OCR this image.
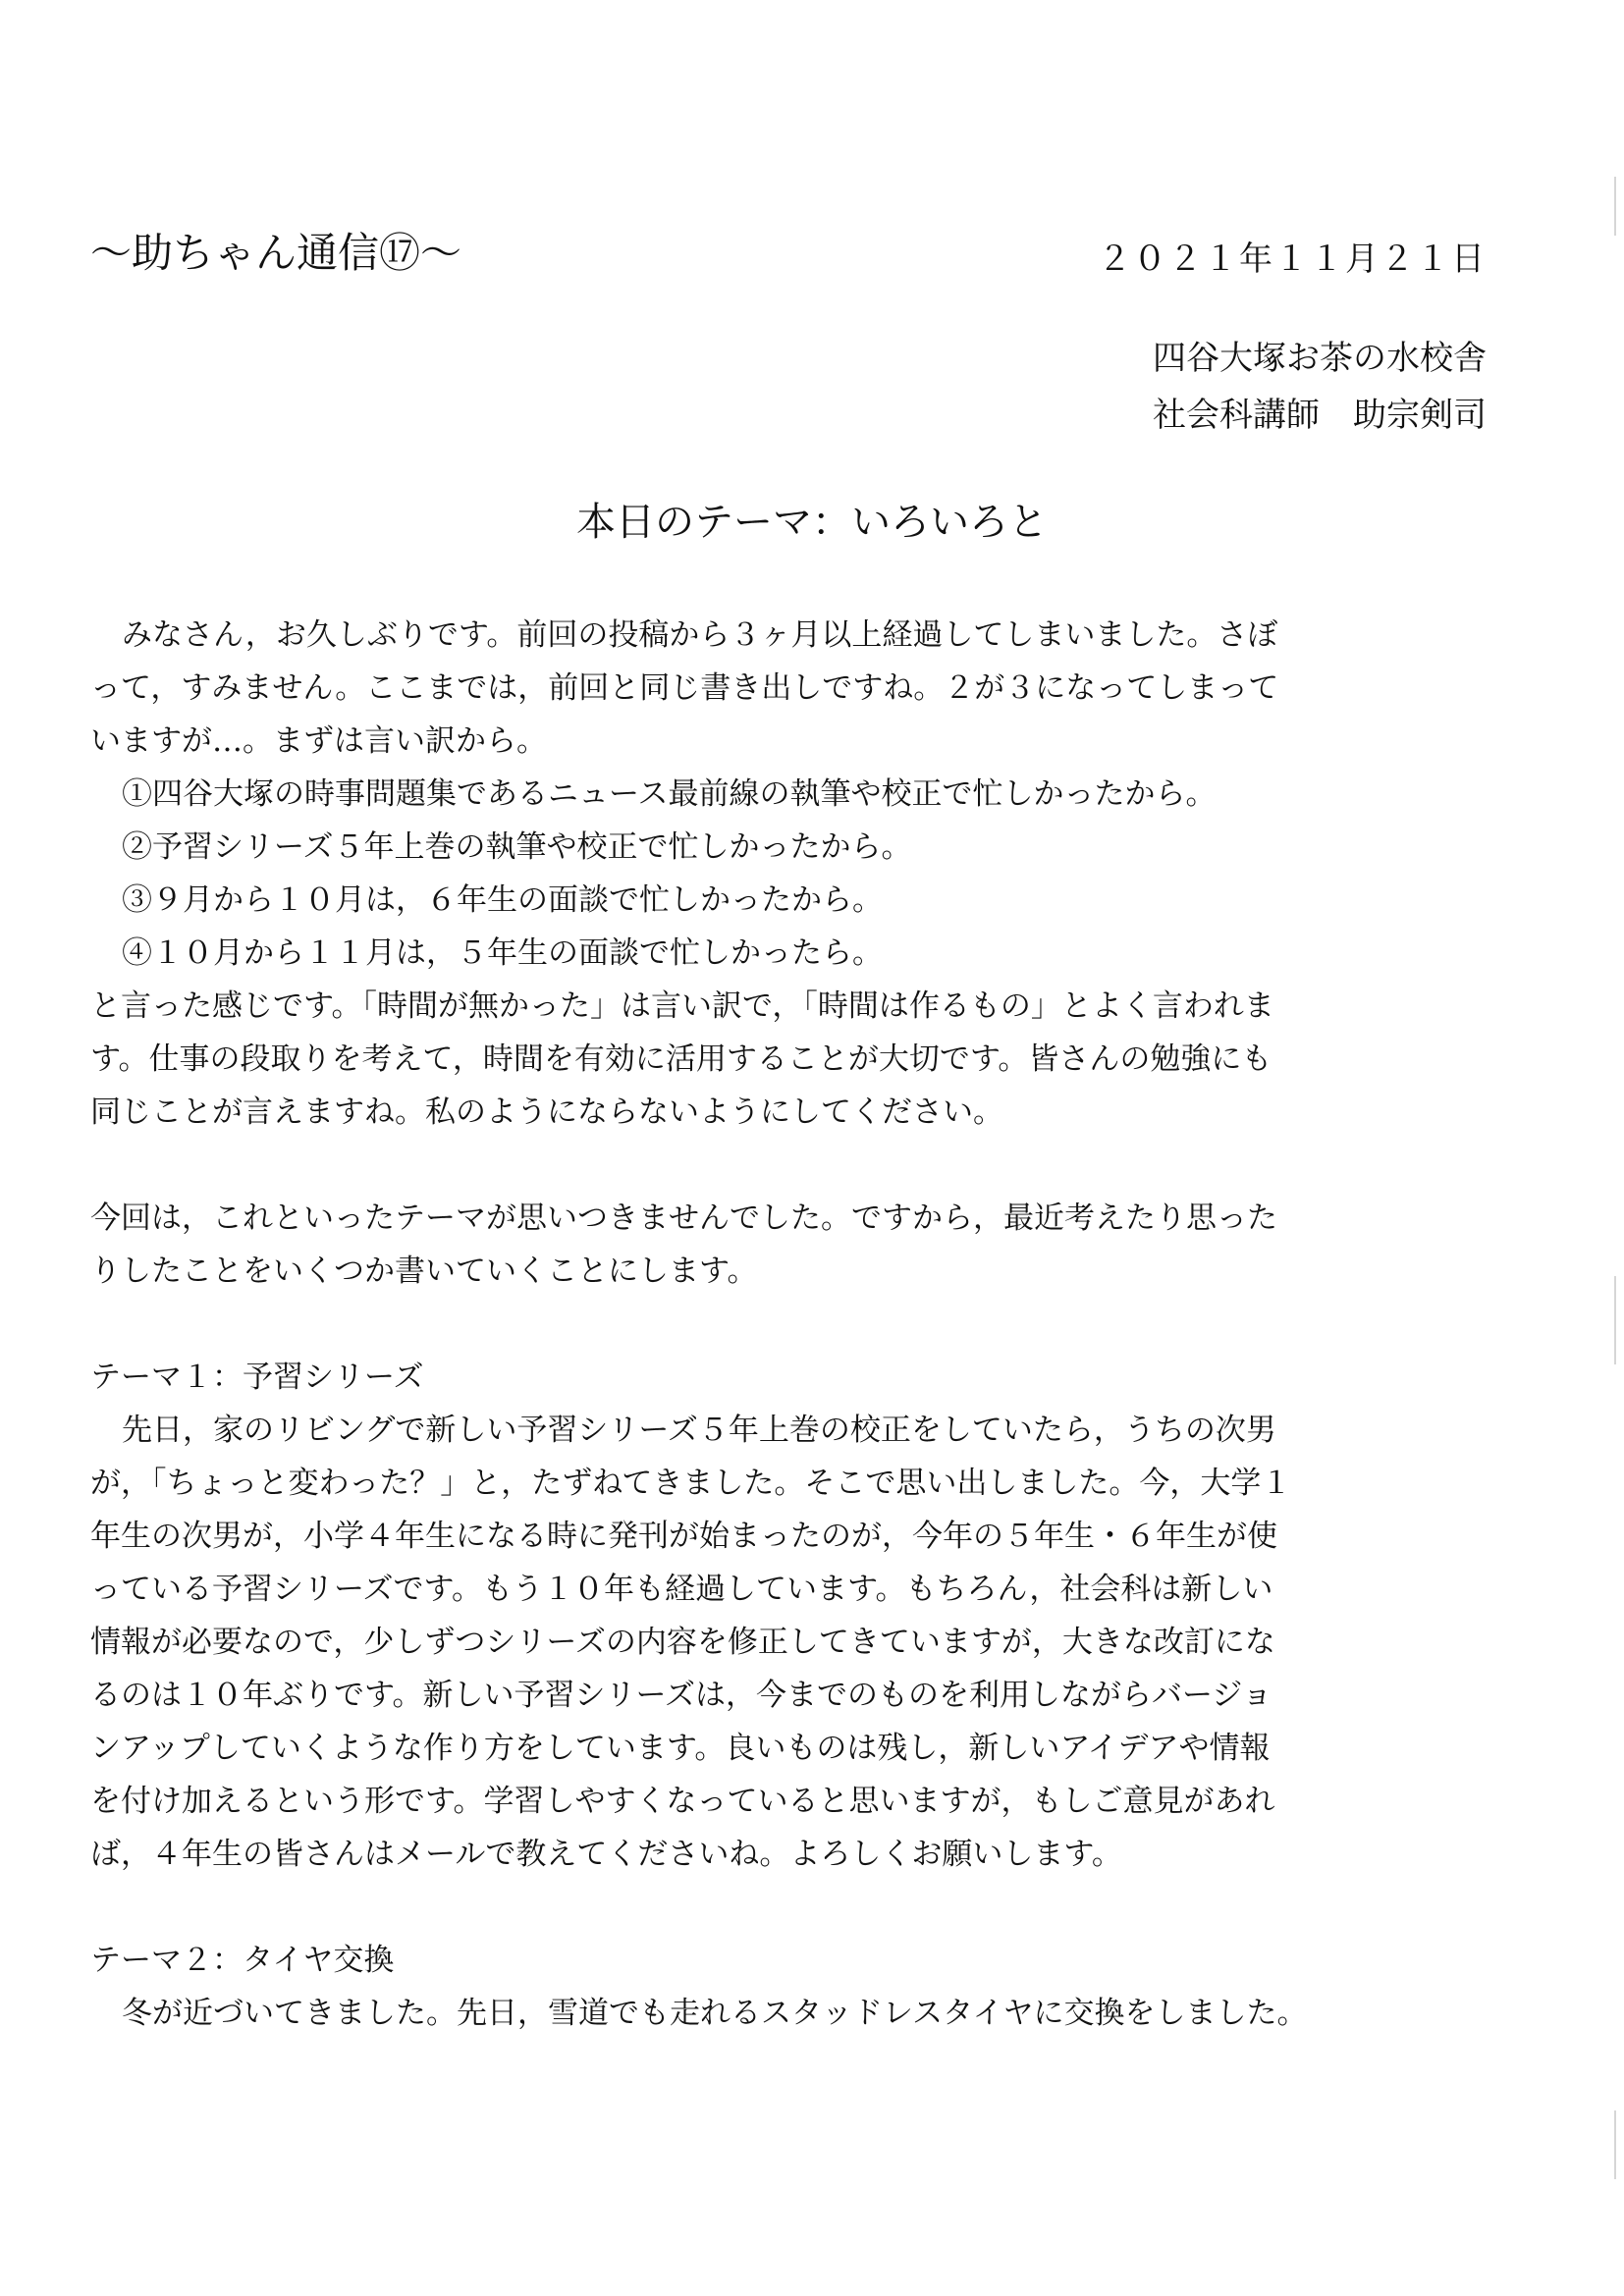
～助ちゃん通信⑰～	２０２１年１１月２１日
四谷大塚お茶の水校舎
社会科講師　助宗剣司
本日のテーマ：いろいろと
みなさん，お久しぶりです。前回の投稿から３ヶ月以上経過してしまいました。さぼ
って，すみません。ここまでは，前回と同じ書き出しですね。２が３になってしまって
いますが…。まずは言い訳から。
①四谷大塚の時事問題集であるニュース最前線の執筆や校正で忙しかったから。
②予習シリーズ５年上巻の執筆や校正で忙しかったから。
③９月から１０月は，６年生の面談で忙しかったから。
④１０月から１１月は，５年生の面談で忙しかったら。
と言った感じです。「時間が無かった」は言い訳で，「時間は作るもの」とよく言われま
す。仕事の段取りを考えて，時間を有効に活用することが大切です。皆さんの勉強にも
同じことが言えますね。私のようにならないようにしてください。
今回は，これといったテーマが思いつきませんでした。ですから，最近考えたり思った
りしたことをいくつか書いていくことにします。
テーマ１：予習シリーズ
先日，家のリビングで新しい予習シリーズ５年上巻の校正をしていたら，うちの次男
が，「ちょっと変わった？」と，たずねてきました。そこで思い出しました。今，大学１
年生の次男が，小学４年生になる時に発刊が始まったのが，今年の５年生・６年生が使
っている予習シリーズです。もう１０年も経過しています。もちろん，社会科は新しい
情報が必要なので，少しずつシリーズの内容を修正してきていますが，大きな改訂にな
るのは１０年ぶりです。新しい予習シリーズは，今までのものを利用しながらバージョ
ンアップしていくような作り方をしています。良いものは残し，新しいアイデアや情報
を付け加えるという形です。学習しやすくなっていると思いますが，もしご意見があれ
ば，４年生の皆さんはメールで教えてくださいね。よろしくお願いします。
テーマ２：タイヤ交換
冬が近づいてきました。先日，雪道でも走れるスタッドレスタイヤに交換をしました。
